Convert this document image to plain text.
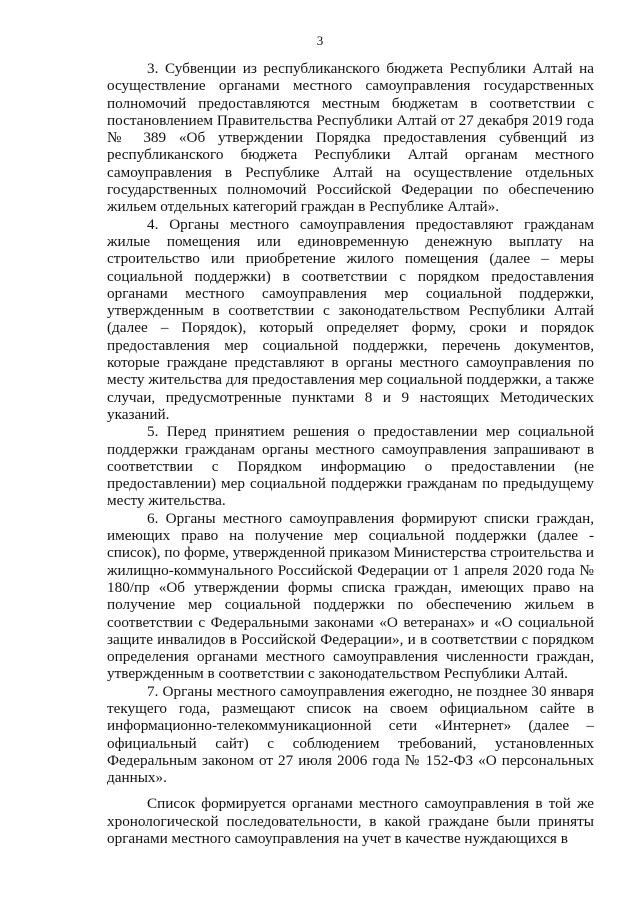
3

3. Субвенции из республиканского бюджета Республики Алтай на осуществление органами местного самоуправления государственных полномочий предоставляются местным бюджетам в соответствии с постановлением Правительства Республики Алтай от 27 декабря 2019 года № 389 «Об утверждении Порядка предоставления субвенций из республиканского бюджета Республики Алтай органам местного самоуправления в Республике Алтай на осуществление отдельных государственных полномочий Российской Федерации по обеспечению жильем отдельных категорий граждан в Республике Алтай».

4. Органы местного самоуправления предоставляют гражданам жилые помещения или единовременную денежную выплату на строительство или приобретение жилого помещения (далее – меры социальной поддержки) в соответствии с порядком предоставления органами местного самоуправления мер социальной поддержки, утвержденным в соответствии с законодательством Республики Алтай (далее – Порядок), который определяет форму, сроки и порядок предоставления мер социальной поддержки, перечень документов, которые граждане представляют в органы местного самоуправления по месту жительства для предоставления мер социальной поддержки, а также случаи, предусмотренные пунктами 8 и 9 настоящих Методических указаний.

5. Перед принятием решения о предоставлении мер социальной поддержки гражданам органы местного самоуправления запрашивают в соответствии с Порядком информацию о предоставлении (не предоставлении) мер социальной поддержки гражданам по предыдущему месту жительства.

6. Органы местного самоуправления формируют списки граждан, имеющих право на получение мер социальной поддержки (далее - список), по форме, утвержденной приказом Министерства строительства и жилищно-коммунального Российской Федерации от 1 апреля 2020 года № 180/пр «Об утверждении формы списка граждан, имеющих право на получение мер социальной поддержки по обеспечению жильем в соответствии с Федеральными законами «О ветеранах» и «О социальной защите инвалидов в Российской Федерации», и в соответствии с порядком определения органами местного самоуправления численности граждан, утвержденным в соответствии с законодательством Республики Алтай.

7. Органы местного самоуправления ежегодно, не позднее 30 января текущего года, размещают список на своем официальном сайте в информационно-телекоммуникационной сети «Интернет» (далее – официальный сайт) с соблюдением требований, установленных Федеральным законом от 27 июля 2006 года № 152-ФЗ «О персональных данных».

Список формируется органами местного самоуправления в той же хронологической последовательности, в какой граждане были приняты органами местного самоуправления на учет в качестве нуждающихся в
